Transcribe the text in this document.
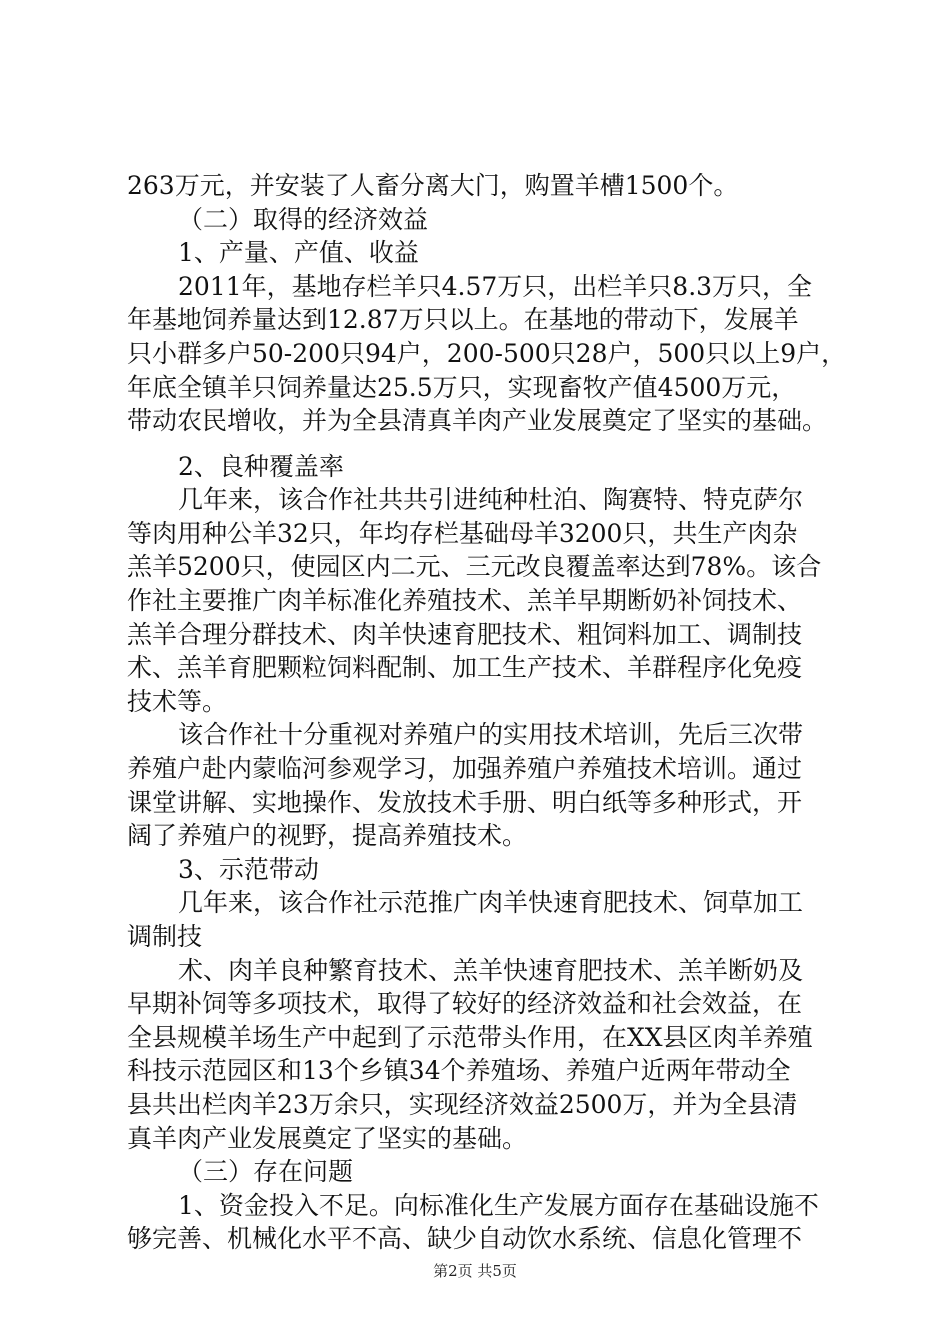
263万元，并安装了人畜分离大门，购置羊槽1500个。
（二）取得的经济效益
1、产量、产值、收益
2011年，基地存栏羊只4.57万只，出栏羊只8.3万只，全
年基地饲养量达到12.87万只以上。在基地的带动下，发展羊
只小群多户50-200只94户，200-500只28户，500只以上9户，
年底全镇羊只饲养量达25.5万只，实现畜牧产值4500万元，
带动农民增收，并为全县清真羊肉产业发展奠定了坚实的基础。
2、良种覆盖率
几年来，该合作社共共引进纯种杜泊、陶赛特、特克萨尔
等肉用种公羊32只，年均存栏基础母羊3200只，共生产肉杂
羔羊5200只，使园区内二元、三元改良覆盖率达到78%。该合
作社主要推广肉羊标准化养殖技术、羔羊早期断奶补饲技术、
羔羊合理分群技术、肉羊快速育肥技术、粗饲料加工、调制技
术、羔羊育肥颗粒饲料配制、加工生产技术、羊群程序化免疫
技术等。
该合作社十分重视对养殖户的实用技术培训，先后三次带
养殖户赴内蒙临河参观学习，加强养殖户养殖技术培训。通过
课堂讲解、实地操作、发放技术手册、明白纸等多种形式，开
阔了养殖户的视野，提高养殖技术。
3、示范带动
几年来，该合作社示范推广肉羊快速育肥技术、饲草加工
调制技
术、肉羊良种繁育技术、羔羊快速育肥技术、羔羊断奶及
早期补饲等多项技术，取得了较好的经济效益和社会效益，在
全县规模羊场生产中起到了示范带头作用，在XX县区肉羊养殖
科技示范园区和13个乡镇34个养殖场、养殖户近两年带动全
县共出栏肉羊23万余只，实现经济效益2500万，并为全县清
真羊肉产业发展奠定了坚实的基础。
（三）存在问题
1、资金投入不足。向标准化生产发展方面存在基础设施不
够完善、机械化水平不高、缺少自动饮水系统、信息化管理不
第2页 共5页
